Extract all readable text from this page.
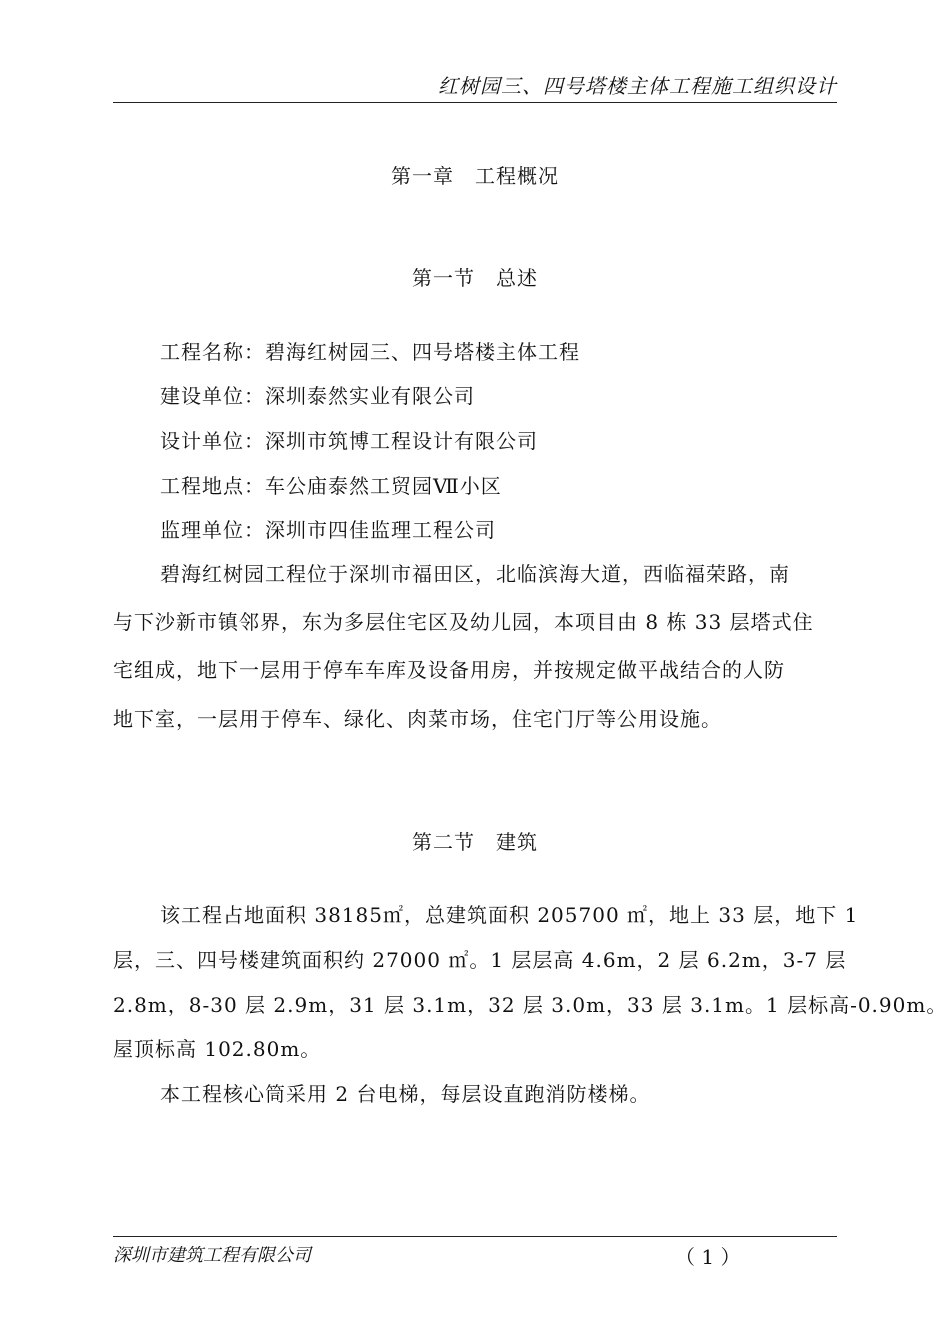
红树园三、四号塔楼主体工程施工组织设计
第一章　工程概况
第一节　总述
工程名称：碧海红树园三、四号塔楼主体工程
建设单位：深圳泰然实业有限公司
设计单位：深圳市筑博工程设计有限公司
工程地点：车公庙泰然工贸园Ⅶ小区
监理单位：深圳市四佳监理工程公司
碧海红树园工程位于深圳市福田区，北临滨海大道，西临福荣路，南
与下沙新市镇邻界，东为多层住宅区及幼儿园，本项目由 8 栋 33 层塔式住
宅组成，地下一层用于停车车库及设备用房，并按规定做平战结合的人防
地下室，一层用于停车、绿化、肉菜市场，住宅门厅等公用设施。
第二节　建筑
该工程占地面积 38185㎡，总建筑面积 205700 ㎡，地上 33 层，地下 1
层，三、四号楼建筑面积约 27000 ㎡。1 层层高 4.6m，2 层 6.2m，3-7 层
2.8m，8-30 层 2.9m，31 层 3.1m，32 层 3.0m，33 层 3.1m。1 层标高-0.90m。
屋顶标高 102.80m。
本工程核心筒采用 2 台电梯，每层设直跑消防楼梯。
深圳市建筑工程有限公司	（ 1 ）
